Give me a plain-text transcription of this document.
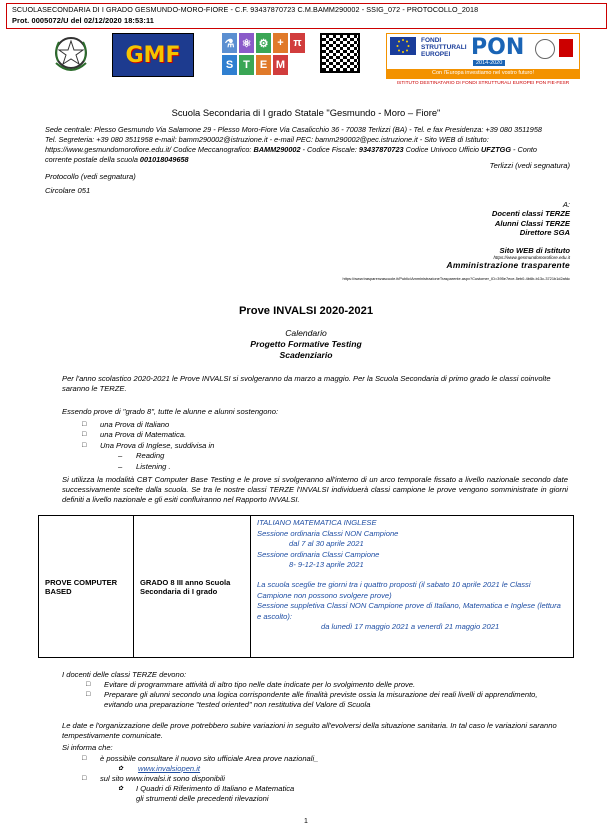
SCUOLASECONDARIA DI I GRADO GESMUNDO-MORO-FIORE - C.F. 93437870723 C.M.BAMM290002 - SSIG_072 - PROTOCOLLO_2018
Prot. 0005072/U del 02/12/2020 18:53:11
GMF	⚗ ⚛ ⚙ + π
S T E M
FONDI
STRUTTURALI
EUROPEI PON
2014-2020
Con l'Europa investiamo nel vostro futuro!
ISTITUTO DESTINATARIO DI FONDI STRUTTURALI EUROPEI PON FIE-FESR
Scuola Secondaria di I grado Statale "Gesmundo - Moro – Fiore"
Sede centrale: Plesso Gesmundo Via Salamone 29 - Plesso Moro-Fiore Via Casalicchio 36 - 70038 Terlizzi (BA) - Tel. e fax Presidenza: +39 080 3511958
Tel. Segreteria: +39 080 3511958 e-mail: bamm290002@istruzione.it - e-mail PEC: bamm290002@pec.istruzione.it - Sito WEB di Istituto:
https://www.gesmundomorofiore.edu.it/ Codice Meccanografico: BAMM290002 - Codice Fiscale: 93437870723 Codice Univoco Ufficio UFZTGG - Conto
corrente postale della scuola 001018049658
Terlizzi (vedi segnatura)
Protocollo (vedi segnatura)
Circolare 051
A:
Docenti classi TERZE
Alunni Classi TERZE
Direttore SGA
Sito WEB di Istituto
https://www.gesmundomorofiore.edu.it
Amministrazione trasparente
https://www.trasparenzascuole.it/Public/AmministrazioneTrasparente.aspx?Customer_ID=395e7ece-5eb0-4b6b-b13c-3721b1d2afdc
Prove INVALSI 2020-2021
Calendario
Progetto Formative Testing
Scadenziario
Per l'anno scolastico 2020-2021 le Prove INVALSI si svolgeranno da marzo a maggio. Per la Scuola Secondaria di primo grado le classi coinvolte saranno le TERZE.
Essendo prove di "grado 8", tutte le alunne e alunni sostengono:
□ una Prova di Italiano
□ una Prova di Matematica.
□ Una Prova di Inglese, suddivisa in
– Reading
– Listening .
Si utilizza la modalità CBT Computer Base Testing e le prove si svolgeranno all'interno di un arco temporale fissato a livello nazionale secondo date successivamente scelte dalla scuola. Se tra le nostre classi TERZE l'INVALSI individuerà classi campione le prove vengono somministrate in giorni definiti a livello nazionale e gli esiti confluiranno nel Rapporto INVALSI.
PROVE COMPUTER BASED	GRADO 8 III anno Scuola Secondaria di I grado	
ITALIANO MATEMATICA INGLESE
Sessione ordinaria Classi NON Campione
dal 7 al 30 aprile 2021
Sessione ordinaria Classi Campione
8- 9-12-13 aprile 2021
La scuola sceglie tre giorni tra i quattro proposti (il sabato 10 aprile 2021 le Classi Campione non possono svolgere prove)
Sessione suppletiva Classi NON Campione prove di Italiano, Matematica e Inglese (lettura e ascolto):
da lunedì 17 maggio 2021 a venerdì 21 maggio 2021
I docenti delle classi TERZE devono:
□ Evitare di programmare attività di altro tipo nelle date indicate per lo svolgimento delle prove.
□ Preparare gli alunni secondo una logica corrispondente alle finalità previste ossia la misurazione dei reali livelli di apprendimento, evitando una preparazione "tested oriented" non restitutiva del Valore di Scuola
Le date e l'organizzazione delle prove potrebbero subire variazioni in seguito all'evolversi della situazione sanitaria. In tal caso le variazioni saranno tempestivamente comunicate.
Si informa che:
□ è possibile consultare il nuovo sito ufficiale Area prove nazionali_
✿ www.invalsiopen.it
□ sul sito www.invalsi.it sono disponibili
✿ I Quadri di Riferimento di Italiano e Matematica
gli strumenti delle precedenti rilevazioni
1
